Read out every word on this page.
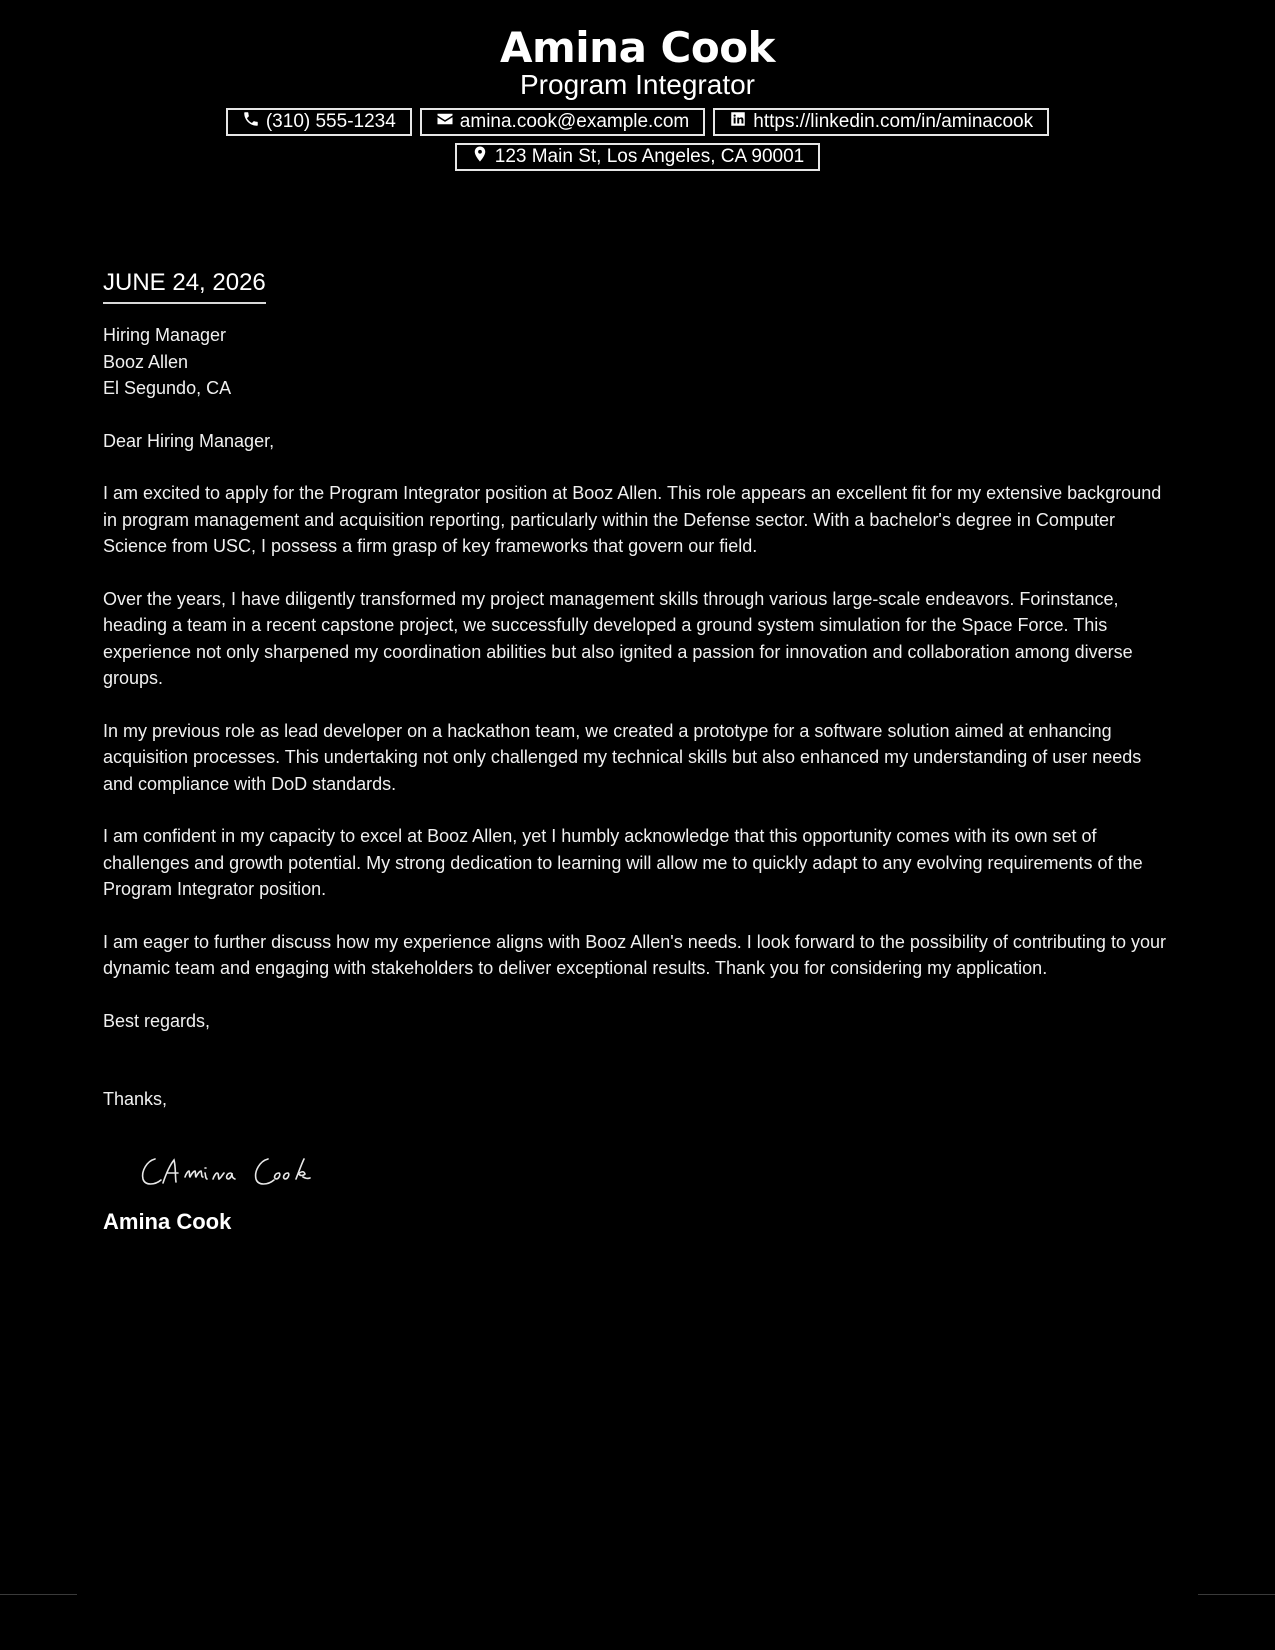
Amina Cook
Program Integrator
(310) 555-1234	amina.cook@example.com	https://linkedin.com/in/aminacook
123 Main St, Los Angeles, CA 90001
JUNE 24, 2026
Hiring Manager
Booz Allen
El Segundo, CA
Dear Hiring Manager,
I am excited to apply for the Program Integrator position at Booz Allen. This role appears an excellent fit for my extensive background in program management and acquisition reporting, particularly within the Defense sector. With a bachelor's degree in Computer Science from USC, I possess a firm grasp of key frameworks that govern our field.
Over the years, I have diligently transformed my project management skills through various large-scale endeavors. Forinstance, heading a team in a recent capstone project, we successfully developed a ground system simulation for the Space Force. This experience not only sharpened my coordination abilities but also ignited a passion for innovation and collaboration among diverse groups.
In my previous role as lead developer on a hackathon team, we created a prototype for a software solution aimed at enhancing acquisition processes. This undertaking not only challenged my technical skills but also enhanced my understanding of user needs and compliance with DoD standards.
I am confident in my capacity to excel at Booz Allen, yet I humbly acknowledge that this opportunity comes with its own set of challenges and growth potential. My strong dedication to learning will allow me to quickly adapt to any evolving requirements of the Program Integrator position.
I am eager to further discuss how my experience aligns with Booz Allen's needs. I look forward to the possibility of contributing to your dynamic team and engaging with stakeholders to deliver exceptional results. Thank you for considering my application.
Best regards,
Thanks,
Amina Cook
